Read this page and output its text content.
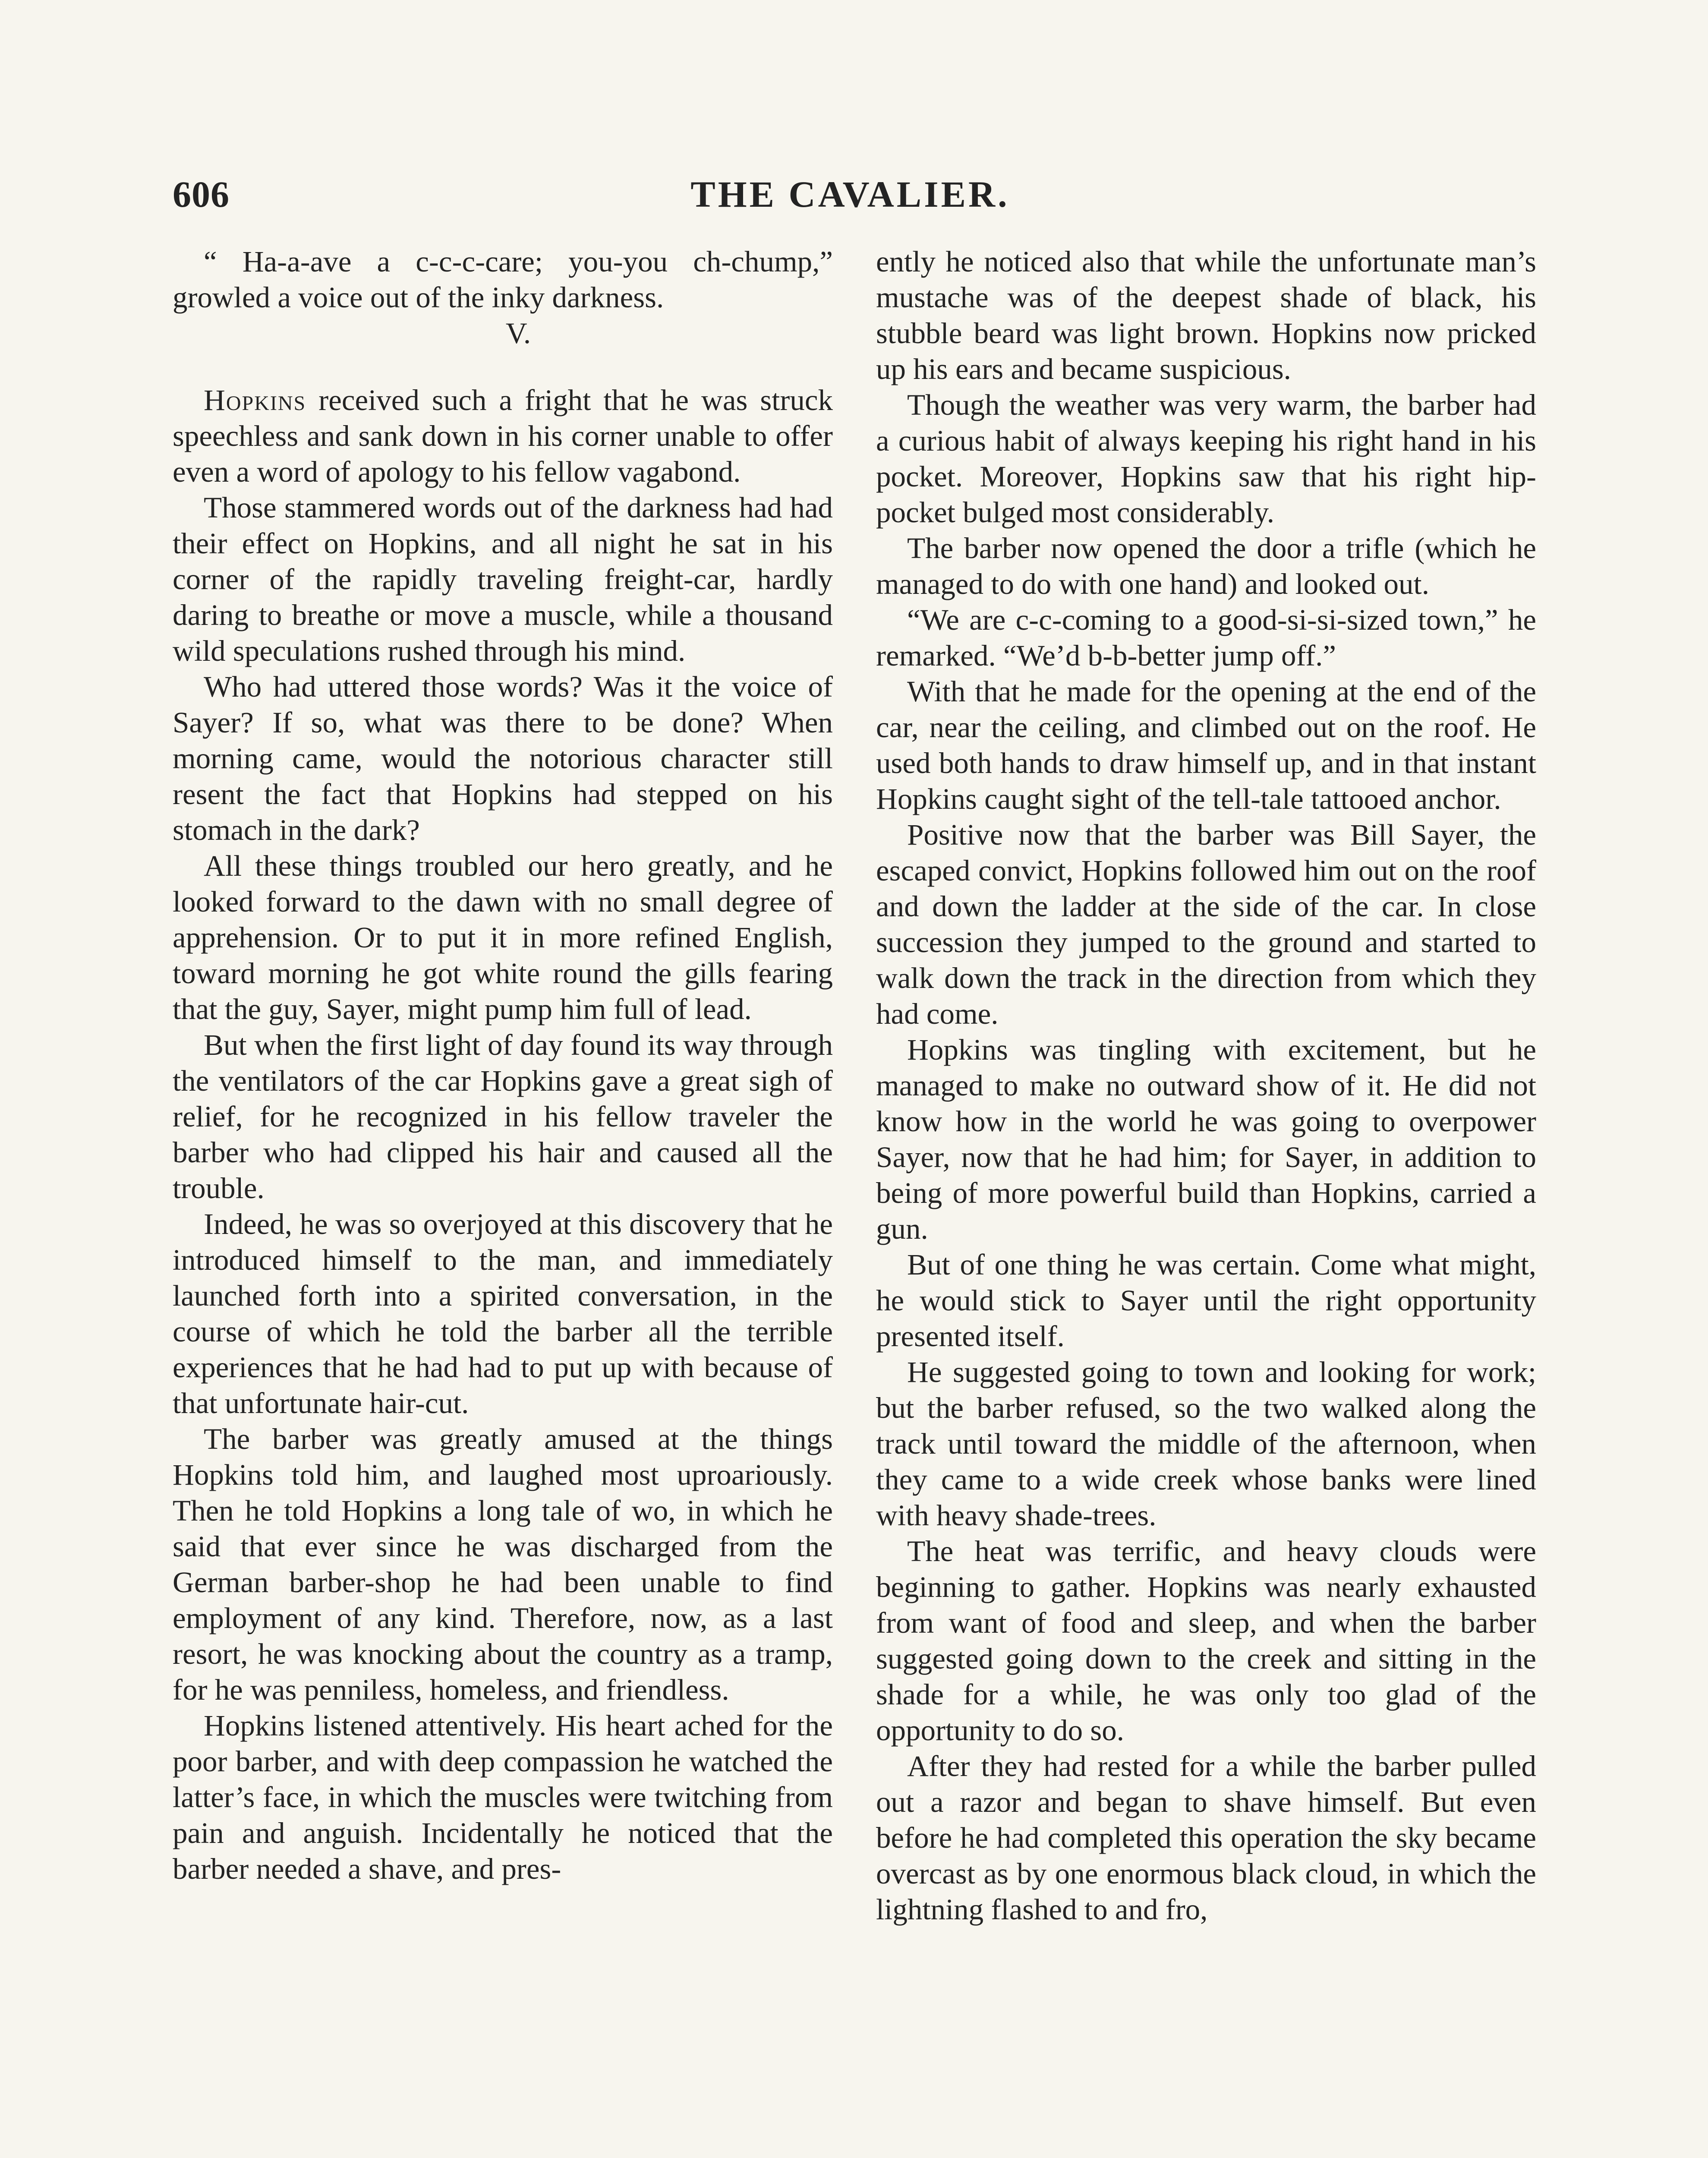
606	THE CAVALIER.

“ Ha-a-ave a c-c-c-care; you-you ch-chump,” growled a voice out of the inky darkness.

V.

Hopkins received such a fright that he was struck speechless and sank down in his corner unable to offer even a word of apology to his fellow vagabond.

Those stammered words out of the darkness had had their effect on Hopkins, and all night he sat in his corner of the rapidly traveling freight-car, hardly daring to breathe or move a muscle, while a thousand wild speculations rushed through his mind.

Who had uttered those words? Was it the voice of Sayer? If so, what was there to be done? When morning came, would the notorious character still resent the fact that Hopkins had stepped on his stomach in the dark?

All these things troubled our hero greatly, and he looked forward to the dawn with no small degree of apprehension. Or to put it in more refined English, toward morning he got white round the gills fearing that the guy, Sayer, might pump him full of lead.

But when the first light of day found its way through the ventilators of the car Hopkins gave a great sigh of relief, for he recognized in his fellow traveler the barber who had clipped his hair and caused all the trouble.

Indeed, he was so overjoyed at this discovery that he introduced himself to the man, and immediately launched forth into a spirited conversation, in the course of which he told the barber all the terrible experiences that he had had to put up with because of that unfortunate hair-cut.

The barber was greatly amused at the things Hopkins told him, and laughed most uproariously. Then he told Hopkins a long tale of wo, in which he said that ever since he was discharged from the German barber-shop he had been unable to find employment of any kind. Therefore, now, as a last resort, he was knocking about the country as a tramp, for he was penniless, homeless, and friendless.

Hopkins listened attentively. His heart ached for the poor barber, and with deep compassion he watched the latter’s face, in which the muscles were twitching from pain and anguish. Incidentally he noticed that the barber needed a shave, and pres-

ently he noticed also that while the unfortunate man’s mustache was of the deepest shade of black, his stubble beard was light brown. Hopkins now pricked up his ears and became suspicious.

Though the weather was very warm, the barber had a curious habit of always keeping his right hand in his pocket. Moreover, Hopkins saw that his right hip-pocket bulged most considerably.

The barber now opened the door a trifle (which he managed to do with one hand) and looked out.

“We are c-c-coming to a good-si-si-sized town,” he remarked. “We’d b-b-better jump off.”

With that he made for the opening at the end of the car, near the ceiling, and climbed out on the roof. He used both hands to draw himself up, and in that instant Hopkins caught sight of the tell-tale tattooed anchor.

Positive now that the barber was Bill Sayer, the escaped convict, Hopkins followed him out on the roof and down the ladder at the side of the car. In close succession they jumped to the ground and started to walk down the track in the direction from which they had come.

Hopkins was tingling with excitement, but he managed to make no outward show of it. He did not know how in the world he was going to overpower Sayer, now that he had him; for Sayer, in addition to being of more powerful build than Hopkins, carried a gun.

But of one thing he was certain. Come what might, he would stick to Sayer until the right opportunity presented itself.

He suggested going to town and looking for work; but the barber refused, so the two walked along the track until toward the middle of the afternoon, when they came to a wide creek whose banks were lined with heavy shade-trees.

The heat was terrific, and heavy clouds were beginning to gather. Hopkins was nearly exhausted from want of food and sleep, and when the barber suggested going down to the creek and sitting in the shade for a while, he was only too glad of the opportunity to do so.

After they had rested for a while the barber pulled out a razor and began to shave himself. But even before he had completed this operation the sky became overcast as by one enormous black cloud, in which the lightning flashed to and fro,
